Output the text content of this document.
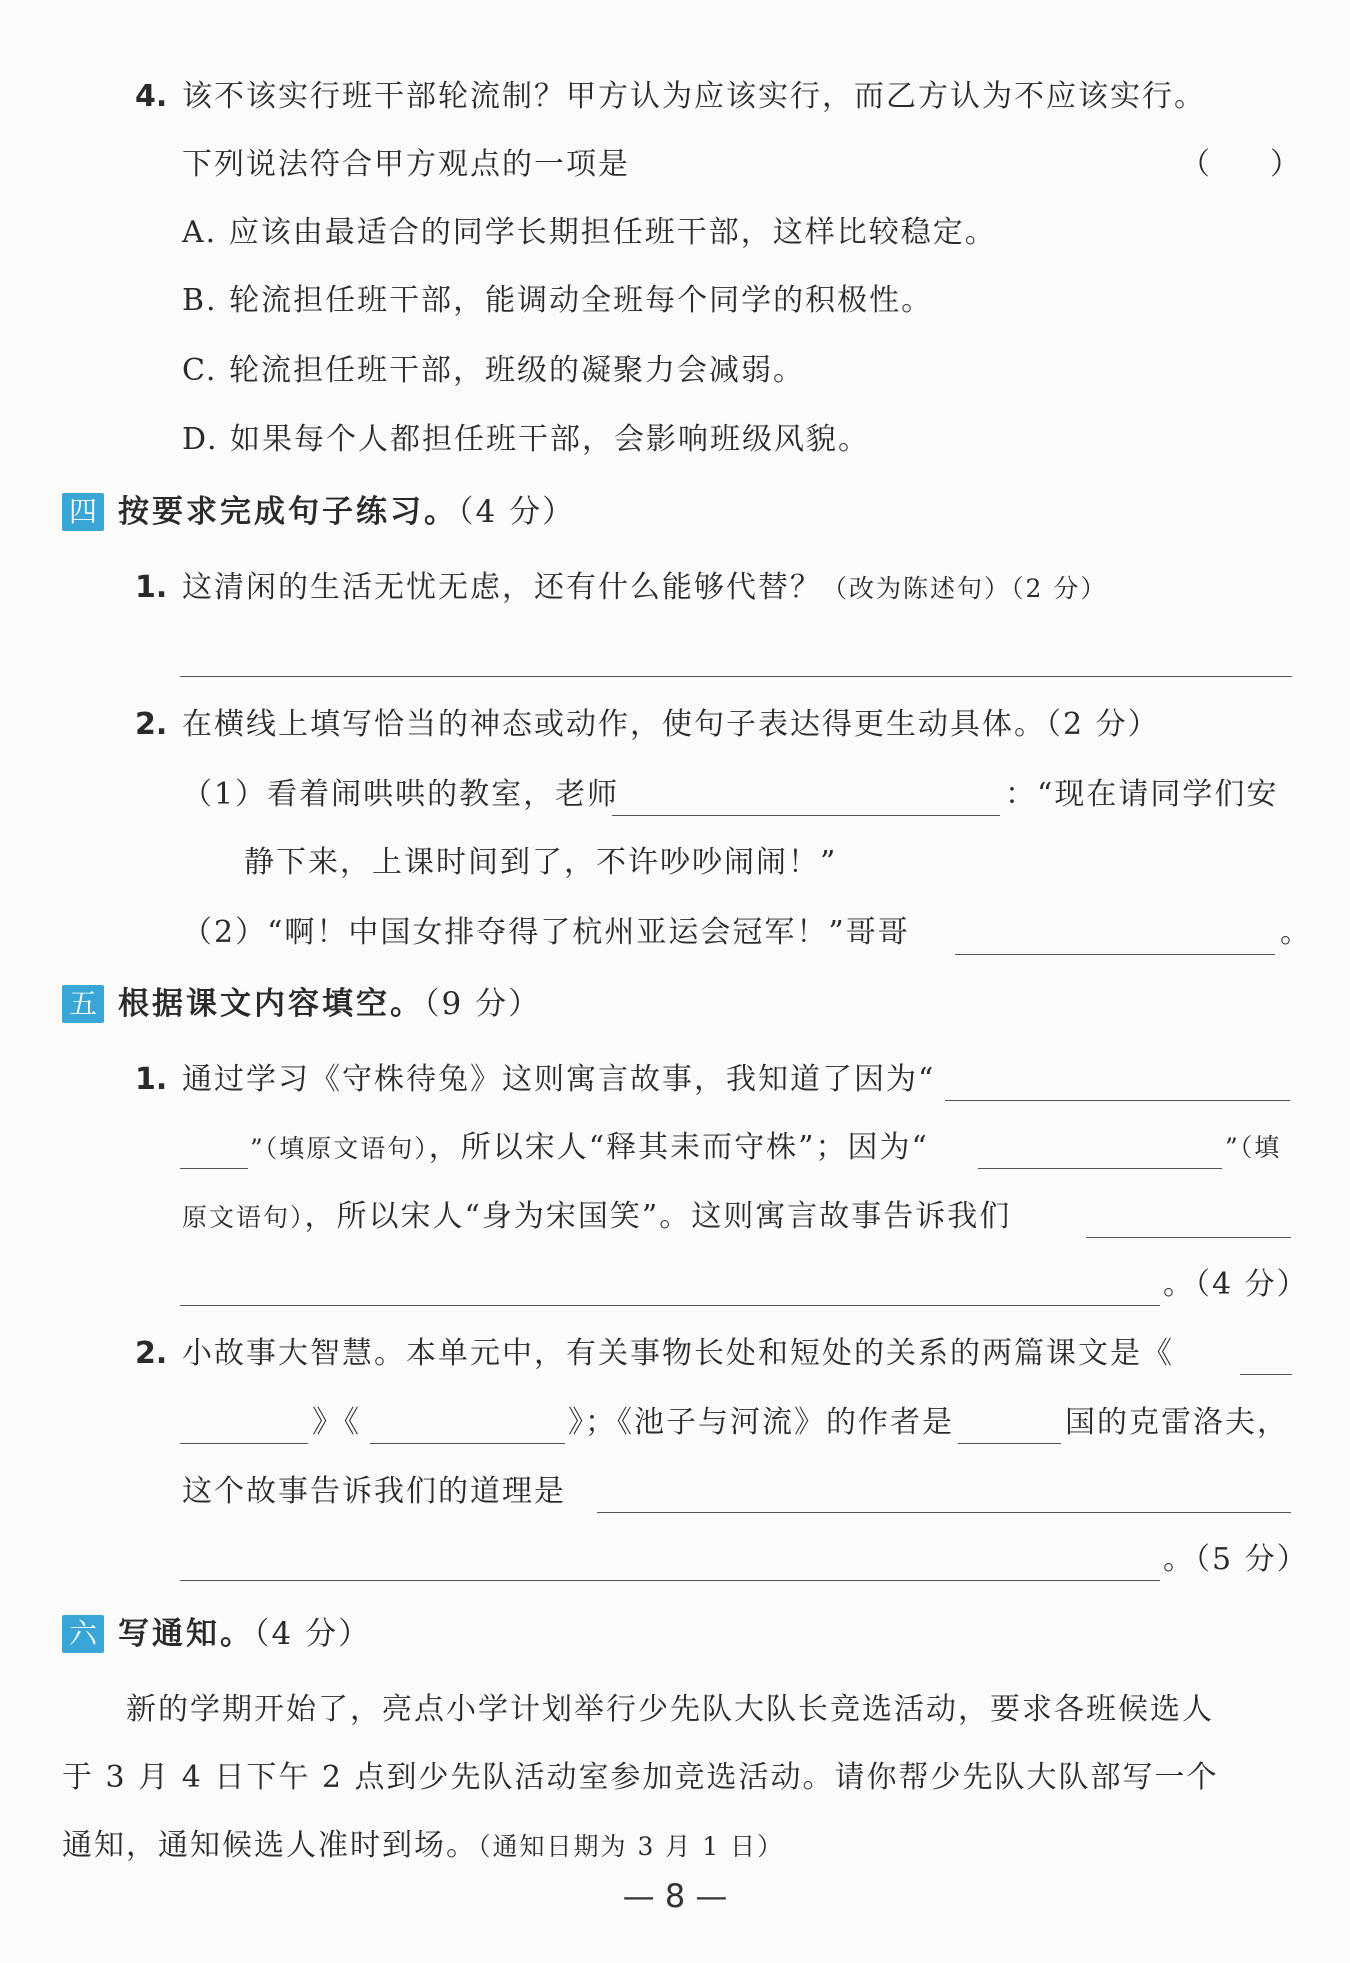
4. 该不该实行班干部轮流制？甲方认为应该实行，而乙方认为不应该实行。
下列说法符合甲方观点的一项是	（　　）
A. 应该由最适合的同学长期担任班干部，这样比较稳定。
B. 轮流担任班干部，能调动全班每个同学的积极性。
C. 轮流担任班干部，班级的凝聚力会减弱。
D. 如果每个人都担任班干部，会影响班级风貌。
四 按要求完成句子练习。（4 分）
1. 这清闲的生活无忧无虑，还有什么能够代替？（改为陈述句）（2 分）
2. 在横线上填写恰当的神态或动作，使句子表达得更生动具体。（2 分）
（1）看着闹哄哄的教室，老师	：“现在请同学们安
静下来，上课时间到了，不许吵吵闹闹！”
（2）“啊！中国女排夺得了杭州亚运会冠军！”哥哥	。
五 根据课文内容填空。（9 分）
1. 通过学习《守株待兔》这则寓言故事，我知道了因为“
”（填原文语句），所以宋人“释其耒而守株”；因为“	”（填
原文语句），所以宋人“身为宋国笑”。这则寓言故事告诉我们
。（4 分）
2. 小故事大智慧。本单元中，有关事物长处和短处的关系的两篇课文是《
》《	》；《池子与河流》的作者是	国的克雷洛夫，
这个故事告诉我们的道理是
。（5 分）
六 写通知。（4 分）
新的学期开始了，亮点小学计划举行少先队大队长竞选活动，要求各班候选人
于 3 月 4 日下午 2 点到少先队活动室参加竞选活动。请你帮少先队大队部写一个
通知，通知候选人准时到场。（通知日期为 3 月 1 日）
— 8 —
